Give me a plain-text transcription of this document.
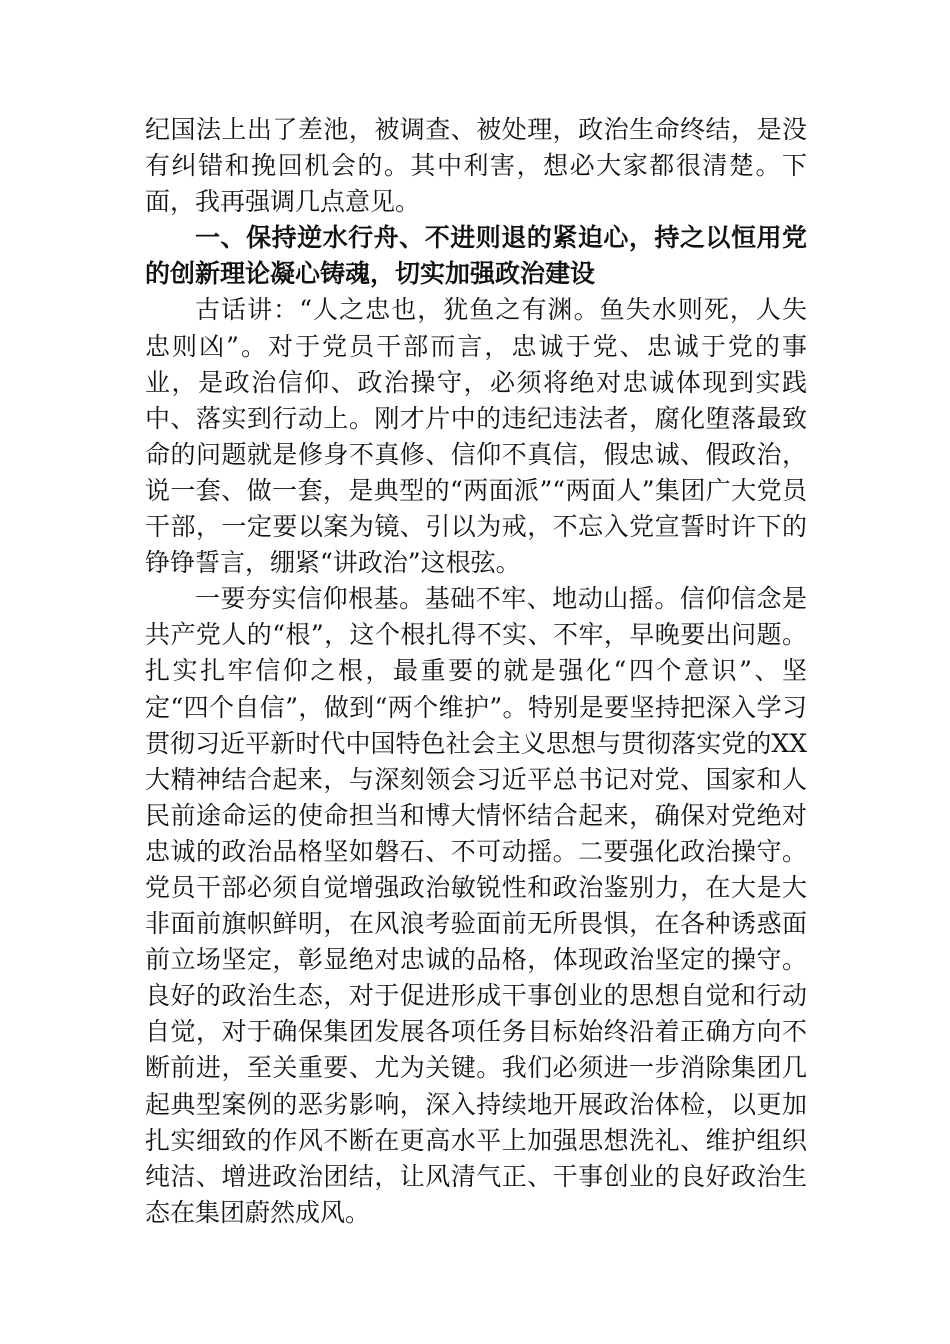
纪国法上出了差池，被调查、被处理，政治生命终结，是没有纠错和挽回机会的。其中利害，想必大家都很清楚。下面，我再强调几点意见。

一、保持逆水行舟、不进则退的紧迫心，持之以恒用党的创新理论凝心铸魂，切实加强政治建设

古话讲：“人之忠也，犹鱼之有渊。鱼失水则死，人失忠则凶”。对于党员干部而言，忠诚于党、忠诚于党的事业，是政治信仰、政治操守，必须将绝对忠诚体现到实践中、落实到行动上。刚才片中的违纪违法者，腐化堕落最致命的问题就是修身不真修、信仰不真信，假忠诚、假政治，说一套、做一套，是典型的“两面派”“两面人”集团广大党员干部，一定要以案为镜、引以为戒，不忘入党宣誓时许下的铮铮誓言，绷紧“讲政治”这根弦。

一要夯实信仰根基。基础不牢、地动山摇。信仰信念是共产党人的“根”，这个根扎得不实、不牢，早晚要出问题。扎实扎牢信仰之根，最重要的就是强化“四个意识”、坚定“四个自信”，做到“两个维护”。特别是要坚持把深入学习贯彻习近平新时代中国特色社会主义思想与贯彻落实党的XX大精神结合起来，与深刻领会习近平总书记对党、国家和人民前途命运的使命担当和博大情怀结合起来，确保对党绝对忠诚的政治品格坚如磐石、不可动摇。二要强化政治操守。党员干部必须自觉增强政治敏锐性和政治鉴别力，在大是大非面前旗帜鲜明，在风浪考验面前无所畏惧，在各种诱惑面前立场坚定，彰显绝对忠诚的品格，体现政治坚定的操守。良好的政治生态，对于促进形成干事创业的思想自觉和行动自觉，对于确保集团发展各项任务目标始终沿着正确方向不断前进，至关重要、尤为关键。我们必须进一步消除集团几起典型案例的恶劣影响，深入持续地开展政治体检，以更加扎实细致的作风不断在更高水平上加强思想洗礼、维护组织纯洁、增进政治团结，让风清气正、干事创业的良好政治生态在集团蔚然成风。
